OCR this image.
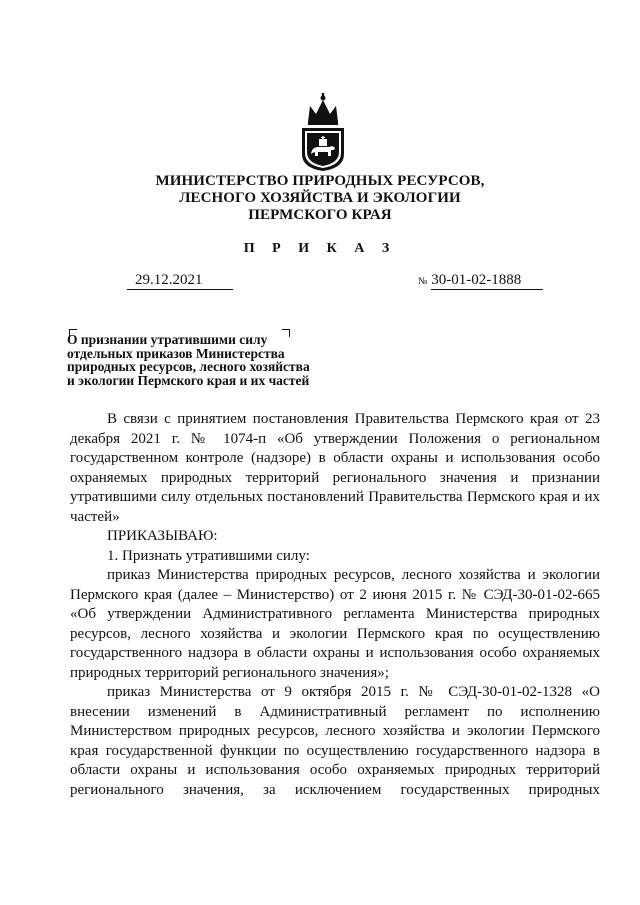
МИНИСТЕРСТВО ПРИРОДНЫХ РЕСУРСОВ,
ЛЕСНОГО ХОЗЯЙСТВА И ЭКОЛОГИИ
ПЕРМСКОГО КРАЯ
П Р И К А З
29.12.2021	№ 30-01-02-1888
О признании утратившими силу
отдельных приказов Министерства
природных ресурсов, лесного хозяйства
и экологии Пермского края и их частей

В связи с принятием постановления Правительства Пермского края от 23 декабря 2021 г. № 1074-п «Об утверждении Положения о региональном государственном контроле (надзоре) в области охраны и использования особо охраняемых природных территорий регионального значения и признании утратившими силу отдельных постановлений Правительства Пермского края и их частей»

ПРИКАЗЫВАЮ:

1. Признать утратившими силу:

приказ Министерства природных ресурсов, лесного хозяйства и экологии Пермского края (далее – Министерство) от 2 июня 2015 г. № СЭД-30-01-02-665 «Об утверждении Административного регламента Министерства природных ресурсов, лесного хозяйства и экологии Пермского края по осуществлению государственного надзора в области охраны и использования особо охраняемых природных территорий регионального значения»;

приказ Министерства от 9 октября 2015 г. № СЭД-30-01-02-1328 «О внесении изменений в Административный регламент по исполнению Министерством природных ресурсов, лесного хозяйства и экологии Пермского края государственной функции по осуществлению государственного надзора в области охраны и использования особо охраняемых природных территорий регионального значения, за исключением государственных природных
